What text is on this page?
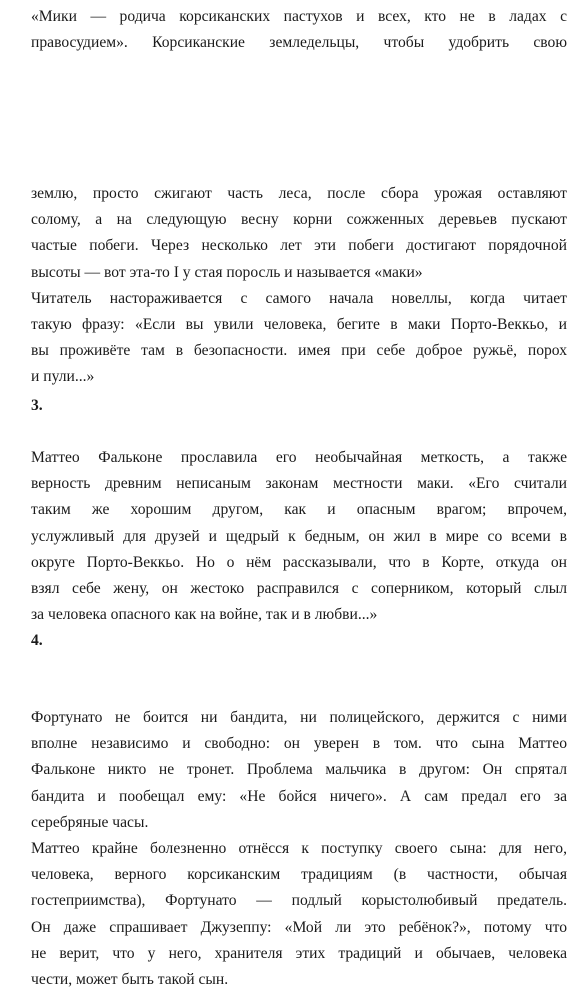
«Мики — родича корсиканских пастухов и всех, кто не в ладах с
правосудием». Корсиканские земледельцы, чтобы удобрить свою
землю, просто сжигают часть леса, после сбора урожая оставляют
солому, а на следующую весну корни сожженных деревьев пускают
частые побеги. Через несколько лет эти побеги достигают порядочной
высоты — вот эта-то I у стая поросль и называется «маки»
Читатель настораживается с самого начала новеллы, когда читает
такую фразу: «Если вы увили человека, бегите в маки Порто-Веккьо, и
вы проживёте там в безопасности. имея при себе доброе ружьё, порох
и пули...»
3.
Маттео Фальконе прославила его необычайная меткость, а также
верность древним неписаным законам местности маки. «Его считали
таким же хорошим другом, как и опасным врагом; впрочем,
услужливый для друзей и щедрый к бедным, он жил в мире со всеми в
округе Порто-Веккьо. Но о нём рассказывали, что в Корте, откуда он
взял себе жену, он жестоко расправился с соперником, который слыл
за человека опасного как на войне, так и в любви...»
4.
Фортунато не боится ни бандита, ни полицейского, держится с ними
вполне независимо и свободно: он уверен в том. что сына Маттео
Фальконе никто не тронет. Проблема мальчика в другом: Он спрятал
бандита и пообещал ему: «Не бойся ничего». А сам предал его за
серебряные часы.
Маттео крайне болезненно отнёсся к поступку своего сына: для него,
человека, верного корсиканским традициям (в частности, обычая
гостеприимства), Фортунато — подлый корыстолюбивый предатель.
Он даже спрашивает Джузеппу: «Мой ли это ребёнок?», потому что
не верит, что у него, хранителя этих традиций и обычаев, человека
чести, может быть такой сын.
